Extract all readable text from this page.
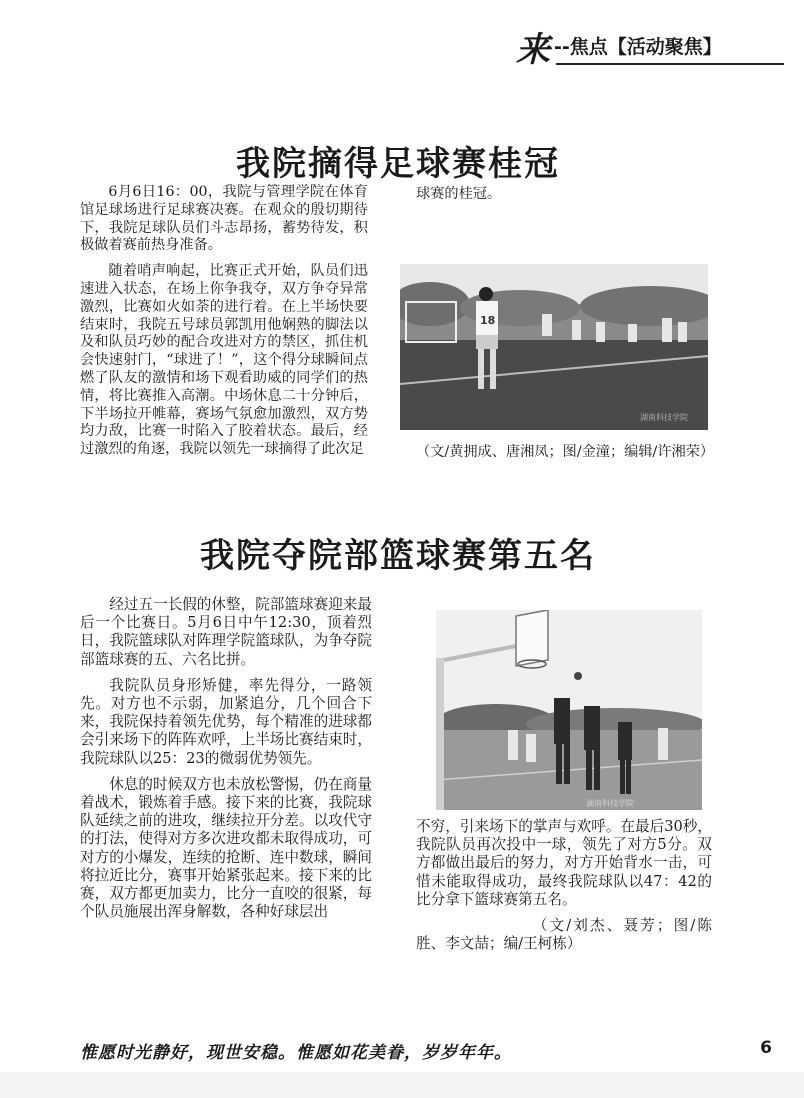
来 --焦点【活动聚焦】
我院摘得足球赛桂冠

6月6日16：00，我院与管理学院在体育馆足球场进行足球赛决赛。在观众的殷切期待下，我院足球队员们斗志昂扬，蓄势待发，积极做着赛前热身准备。

随着哨声响起，比赛正式开始，队员们迅速进入状态，在场上你争我夺，双方争夺异常激烈，比赛如火如荼的进行着。在上半场快要结束时，我院五号球员郭凯用他娴熟的脚法以及和队员巧妙的配合攻进对方的禁区，抓住机会快速射门，“球进了！”，这个得分球瞬间点燃了队友的激情和场下观看助威的同学们的热情，将比赛推入高潮。中场休息二十分钟后，下半场拉开帷幕，赛场气氛愈加激烈，双方势均力敌，比赛一时陷入了胶着状态。最后，经过激烈的角逐，我院以领先一球摘得了此次足

球赛的桂冠。

18
湖南科技学院
（文/黄拥成、唐湘凤；图/金潼；编辑/许湘荣）
我院夺院部篮球赛第五名

经过五一长假的休整，院部篮球赛迎来最后一个比赛日。5月6日中午12:30，顶着烈日，我院篮球队对阵理学院篮球队，为争夺院部篮球赛的五、六名比拼。

我院队员身形矫健，率先得分，一路领先。对方也不示弱，加紧追分，几个回合下来，我院保持着领先优势，每个精准的进球都会引来场下的阵阵欢呼，上半场比赛结束时，我院球队以25：23的微弱优势领先。

休息的时候双方也未放松警惕，仍在商量着战术，锻炼着手感。接下来的比赛，我院球队延续之前的进攻，继续拉开分差。以攻代守的打法，使得对方多次进攻都未取得成功，可对方的小爆发，连续的抢断、连中数球，瞬间将拉近比分，赛事开始紧张起来。接下来的比赛，双方都更加卖力，比分一直咬的很紧，每个队员施展出浑身解数，各种好球层出

湖南科技学院

不穷，引来场下的掌声与欢呼。在最后30秒，我院队员再次投中一球，领先了对方5分。双方都做出最后的努力，对方开始背水一击，可惜未能取得成功，最终我院球队以47：42的比分拿下篮球赛第五名。

（文/刘杰、聂芳；图/陈胜、李文喆；编/王柯栋）

惟愿时光静好，现世安稳。惟愿如花美眷，岁岁年年。	6
